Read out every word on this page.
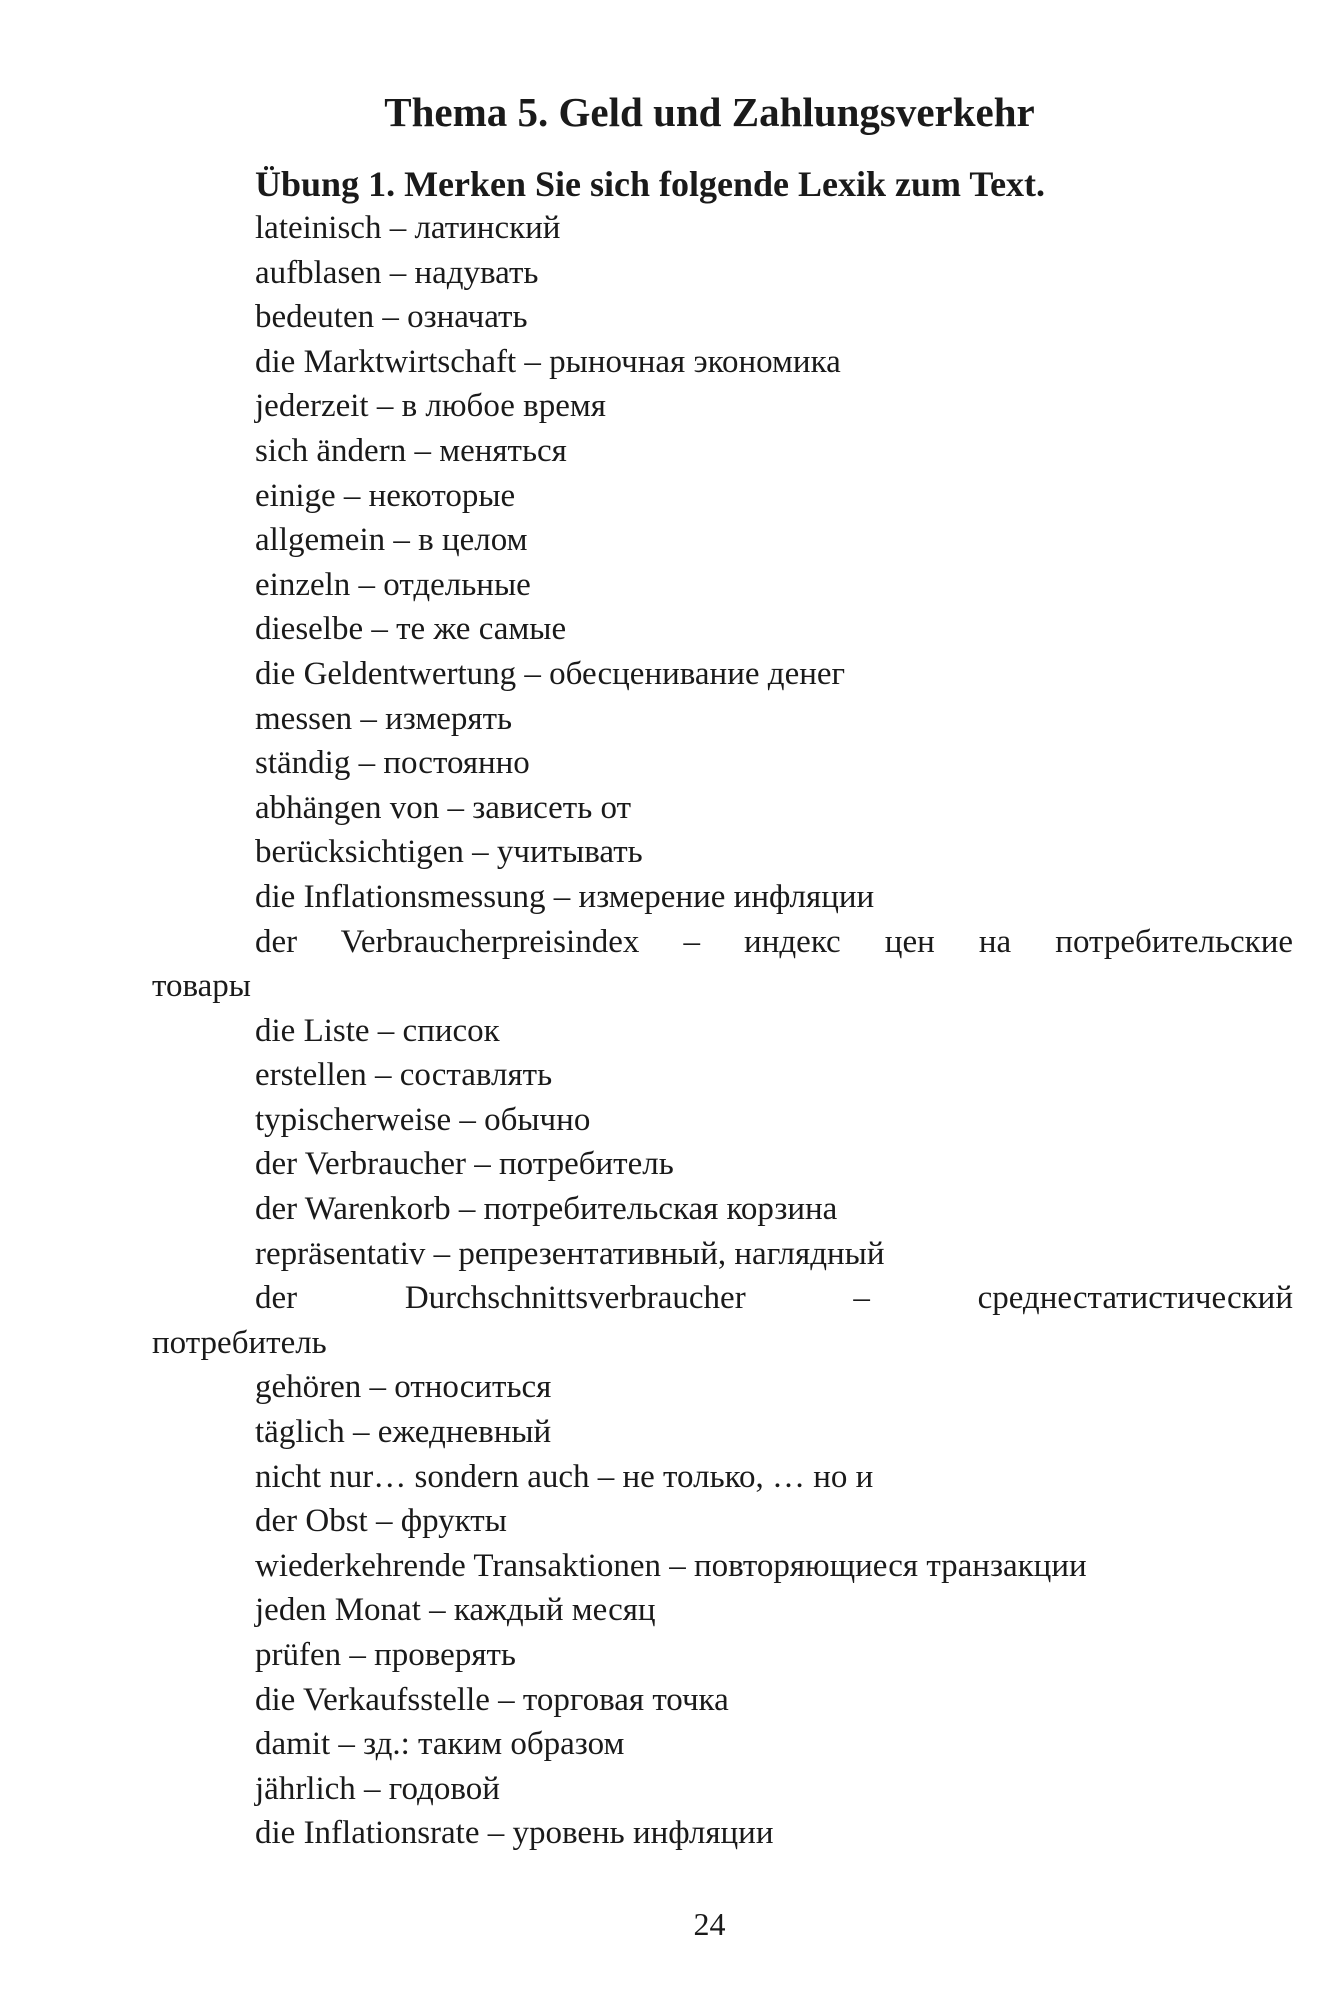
Thema 5. Geld und Zahlungsverkehr
Übung 1. Merken Sie sich folgende Lexik zum Text.
lateinisch – латинский
aufblasen – надувать
bedeuten – означать
die Marktwirtschaft – рыночная экономика
jederzeit – в любое время
sich ändern – меняться
einige – некоторые
allgemein – в целом
einzeln – отдельные
dieselbe – те же самые
die Geldentwertung – обесценивание денег
messen – измерять
ständig – постоянно
abhängen von – зависеть от
berücksichtigen – учитывать
die Inflationsmessung – измерение инфляции
der Verbraucherpreisindex – индекс цен на потребительские
товары
die Liste – список
erstellen – составлять
typischerweise – обычно
der Verbraucher – потребитель
der Warenkorb – потребительская корзина
repräsentativ – репрезентативный, наглядный
der Durchschnittsverbraucher – среднестатистический
потребитель
gehören – относиться
täglich – ежедневный
nicht nur… sondern auch – не только, … но и
der Obst – фрукты
wiederkehrende Transaktionen – повторяющиеся транзакции
jeden Monat – каждый месяц
prüfen – проверять
die Verkaufsstelle – торговая точка
damit – зд.: таким образом
jährlich – годовой
die Inflationsrate – уровень инфляции
24
